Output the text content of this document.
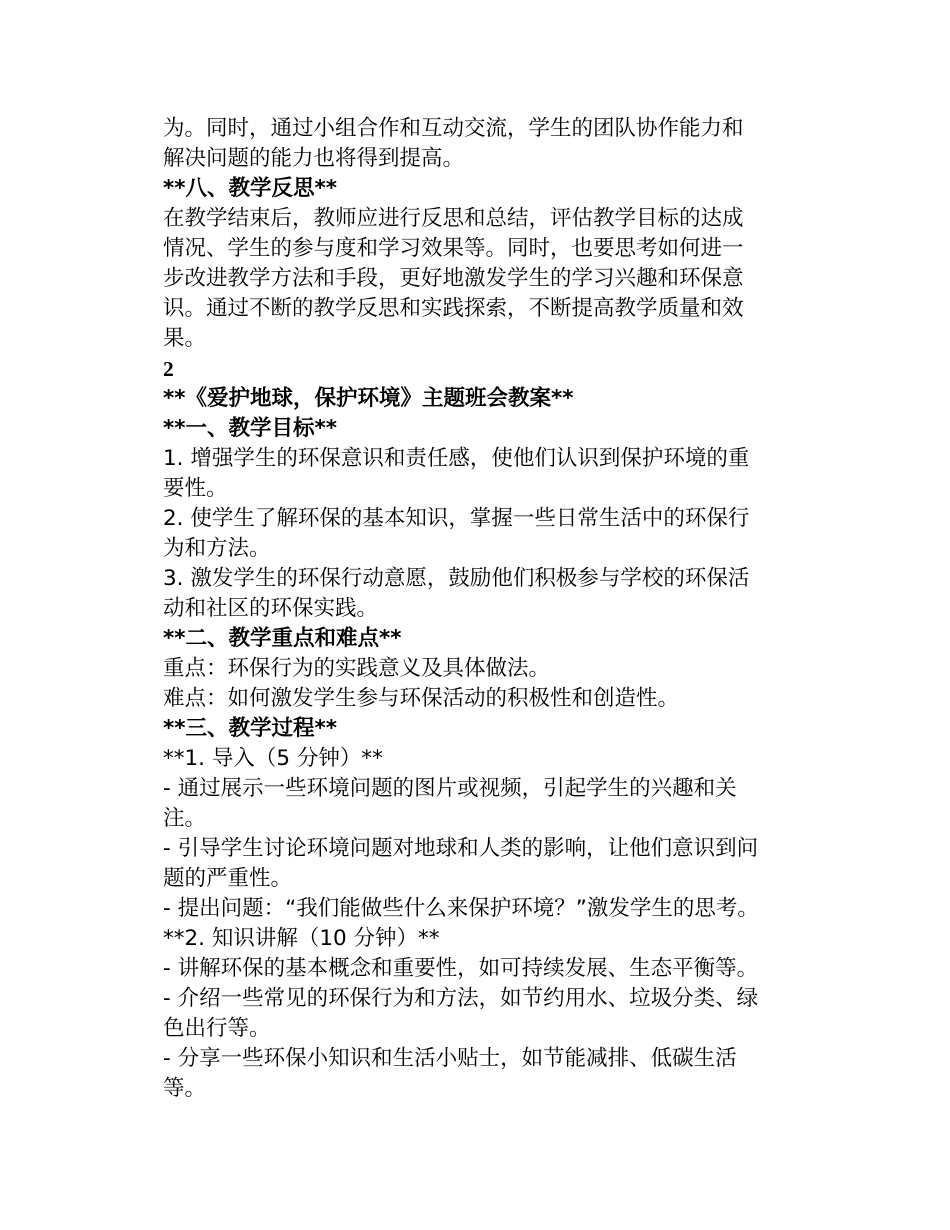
为。同时，通过小组合作和互动交流，学生的团队协作能力和
解决问题的能力也将得到提高。
**八、教学反思**
在教学结束后，教师应进行反思和总结，评估教学目标的达成
情况、学生的参与度和学习效果等。同时，也要思考如何进一
步改进教学方法和手段，更好地激发学生的学习兴趣和环保意
识。通过不断的教学反思和实践探索，不断提高教学质量和效
果。
2
**《爱护地球，保护环境》主题班会教案**
**一、教学目标**
1. 增强学生的环保意识和责任感，使他们认识到保护环境的重
要性。
2. 使学生了解环保的基本知识，掌握一些日常生活中的环保行
为和方法。
3. 激发学生的环保行动意愿，鼓励他们积极参与学校的环保活
动和社区的环保实践。
**二、教学重点和难点**
重点：环保行为的实践意义及具体做法。
难点：如何激发学生参与环保活动的积极性和创造性。
**三、教学过程**
**1. 导入（5 分钟）**
- 通过展示一些环境问题的图片或视频，引起学生的兴趣和关
注。
- 引导学生讨论环境问题对地球和人类的影响，让他们意识到问
题的严重性。
- 提出问题：“我们能做些什么来保护环境？”激发学生的思考。
**2. 知识讲解（10 分钟）**
- 讲解环保的基本概念和重要性，如可持续发展、生态平衡等。
- 介绍一些常见的环保行为和方法，如节约用水、垃圾分类、绿
色出行等。
- 分享一些环保小知识和生活小贴士，如节能减排、低碳生活
等。
